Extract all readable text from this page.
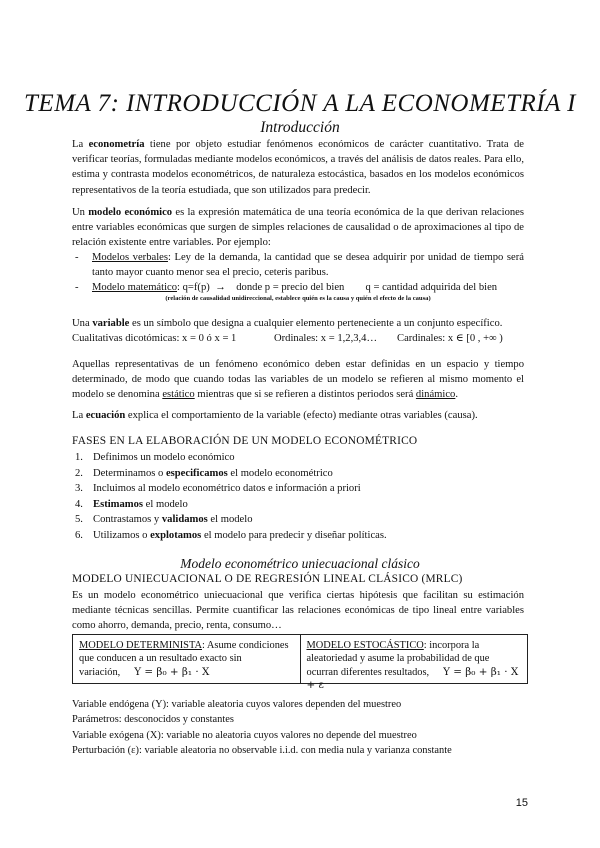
TEMA 7: INTRODUCCIÓN A LA ECONOMETRÍA I
Introducción
La econometría tiene por objeto estudiar fenómenos económicos de carácter cuantitativo. Trata de verificar teorías, formuladas mediante modelos económicos, a través del análisis de datos reales. Para ello, estima y contrasta modelos econométricos, de naturaleza estocástica, basados en los modelos económicos representativos de la teoría estudiada, que son utilizados para predecir.
Un modelo económico es la expresión matemática de una teoría económica de la que derivan relaciones entre variables económicas que surgen de simples relaciones de causalidad o de aproximaciones al tipo de relación existente entre variables. Por ejemplo:
- Modelos verbales: Ley de la demanda, la cantidad que se desea adquirir por unidad de tiempo será tanto mayor cuanto menor sea el precio, ceteris paribus.
- Modelo matemático: q=f(p)  →    donde p = precio del bien        q = cantidad adquirida del bien
(relación de causalidad unidireccional, establece quién es la causa y quién el efecto de la causa)
Una variable es un símbolo que designa a cualquier elemento perteneciente a un conjunto específico.
Cualitativas dicotómicas: x = 0 ó x = 1	Ordinales: x = 1,2,3,4… Cardinales: x ∈ [0 , +∞ )
Aquellas representativas de un fenómeno económico deben estar definidas en un espacio y tiempo determinado, de modo que cuando todas las variables de un modelo se refieren al mismo momento el modelo se denomina estático mientras que si se refieren a distintos periodos será dinámico.
La ecuación explica el comportamiento de la variable (efecto) mediante otras variables (causa).
FASES EN LA ELABORACIÓN DE UN MODELO ECONOMÉTRICO
1. Definimos un modelo económico
2. Determinamos o especificamos el modelo econométrico
3. Incluimos al modelo econométrico datos e información a priori
4. Estimamos el modelo
5. Contrastamos y validamos el modelo
6. Utilizamos o explotamos el modelo para predecir y diseñar políticas.
Modelo econométrico uniecuacional clásico
MODELO UNIECUACIONAL O DE REGRESIÓN LINEAL CLÁSICO (MRLC)
Es un modelo econométrico uniecuacional que verifica ciertas hipótesis que facilitan su estimación mediante técnicas sencillas. Permite cuantificar las relaciones económicas de tipo lineal entre variables como ahorro, demanda, precio, renta, consumo…
MODELO DETERMINISTA: Asume condiciones que conducen a un resultado exacto sin variación, Y = β₀ + β₁ · X
MODELO ESTOCÁSTICO: incorpora la aleatoriedad y asume la probabilidad de que ocurran diferentes resultados, Y = β₀ + β₁ · X + ε
Variable endógena (Y): variable aleatoria cuyos valores dependen del muestreo
Parámetros: desconocidos y constantes
Variable exógena (X): variable no aleatoria cuyos valores no depende del muestreo
Perturbación (ε): variable aleatoria no observable i.i.d. con media nula y varianza constante
15
